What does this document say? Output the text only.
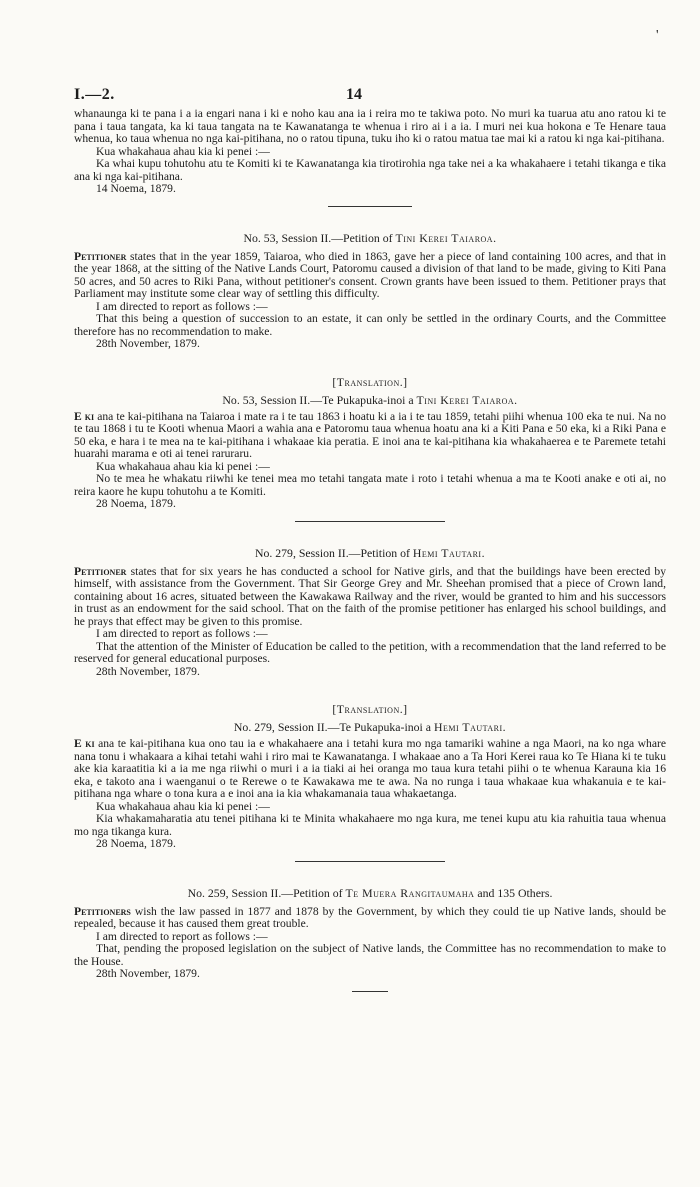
'
I.—2.	14

whanaunga ki te pana i a ia engari nana i ki e noho kau ana ia i reira mo te takiwa poto. No muri ka tuarua atu ano ratou ki te pana i taua tangata, ka ki taua tangata na te Kawanatanga te whenua i riro ai i a ia. I muri nei kua hokona e Te Henare taua whenua, ko taua whenua no nga kai-pitihana, no o ratou tipuna, tuku iho ki o ratou matua tae mai ki a ratou ki nga kai-pitihana.

Kua whakahaua ahau kia ki penei :—

Ka whai kupu tohutohu atu te Komiti ki te Kawanatanga kia tirotirohia nga take nei a ka whakahaere i tetahi tikanga e tika ana ki nga kai-pitihana.

14 Noema, 1879.

No. 53, Session II.—Petition of Tini Kerei Taiaroa.

Petitioner states that in the year 1859, Taiaroa, who died in 1863, gave her a piece of land containing 100 acres, and that in the year 1868, at the sitting of the Native Lands Court, Patoromu caused a division of that land to be made, giving to Kiti Pana 50 acres, and 50 acres to Riki Pana, without petitioner's consent. Crown grants have been issued to them. Petitioner prays that Parliament may institute some clear way of settling this difficulty.

I am directed to report as follows :—

That this being a question of succession to an estate, it can only be settled in the ordinary Courts, and the Committee therefore has no recommendation to make.

28th November, 1879.

[Translation.]

No. 53, Session II.—Te Pukapuka-inoi a Tini Kerei Taiaroa.

E ki ana te kai-pitihana na Taiaroa i mate ra i te tau 1863 i hoatu ki a ia i te tau 1859, tetahi piihi whenua 100 eka te nui. Na no te tau 1868 i tu te Kooti whenua Maori a wahia ana e Patoromu taua whenua hoatu ana ki a Kiti Pana e 50 eka, ki a Riki Pana e 50 eka, e hara i te mea na te kai-pitihana i whakaae kia peratia. E inoi ana te kai-pitihana kia whakahaerea e te Paremete tetahi huarahi marama e oti ai tenei raruraru.

Kua whakahaua ahau kia ki penei :—

No te mea he whakatu riiwhi ke tenei mea mo tetahi tangata mate i roto i tetahi whenua a ma te Kooti anake e oti ai, no reira kaore he kupu tohutohu a te Komiti.

28 Noema, 1879.

No. 279, Session II.—Petition of Hemi Tautari.

Petitioner states that for six years he has conducted a school for Native girls, and that the buildings have been erected by himself, with assistance from the Government. That Sir George Grey and Mr. Sheehan promised that a piece of Crown land, containing about 16 acres, situated between the Kawakawa Railway and the river, would be granted to him and his successors in trust as an endowment for the said school. That on the faith of the promise petitioner has enlarged his school buildings, and he prays that effect may be given to this promise.

I am directed to report as follows :—

That the attention of the Minister of Education be called to the petition, with a recommendation that the land referred to be reserved for general educational purposes.

28th November, 1879.

[Translation.]

No. 279, Session II.—Te Pukapuka-inoi a Hemi Tautari.

E ki ana te kai-pitihana kua ono tau ia e whakahaere ana i tetahi kura mo nga tamariki wahine a nga Maori, na ko nga whare nana tonu i whakaara a kihai tetahi wahi i riro mai te Kawanatanga. I whakaae ano a Ta Hori Kerei raua ko Te Hiana ki te tuku ake kia karaatitia ki a ia me nga riiwhi o muri i a ia tiaki ai hei oranga mo taua kura tetahi piihi o te whenua Karauna kia 16 eka, e takoto ana i waenganui o te Rerewe o te Kawakawa me te awa. Na no runga i taua whakaae kua whakanuia e te kai-pitihana nga whare o tona kura a e inoi ana ia kia whakamanaia taua whakaetanga.

Kua whakahaua ahau kia ki penei :—

Kia whakamaharatia atu tenei pitihana ki te Minita whakahaere mo nga kura, me tenei kupu atu kia rahuitia taua whenua mo nga tikanga kura.

28 Noema, 1879.

No. 259, Session II.—Petition of Te Muera Rangitaumaha and 135 Others.

Petitioners wish the law passed in 1877 and 1878 by the Government, by which they could tie up Native lands, should be repealed, because it has caused them great trouble.

I am directed to report as follows :—

That, pending the proposed legislation on the subject of Native lands, the Committee has no recommendation to make to the House.

28th November, 1879.
